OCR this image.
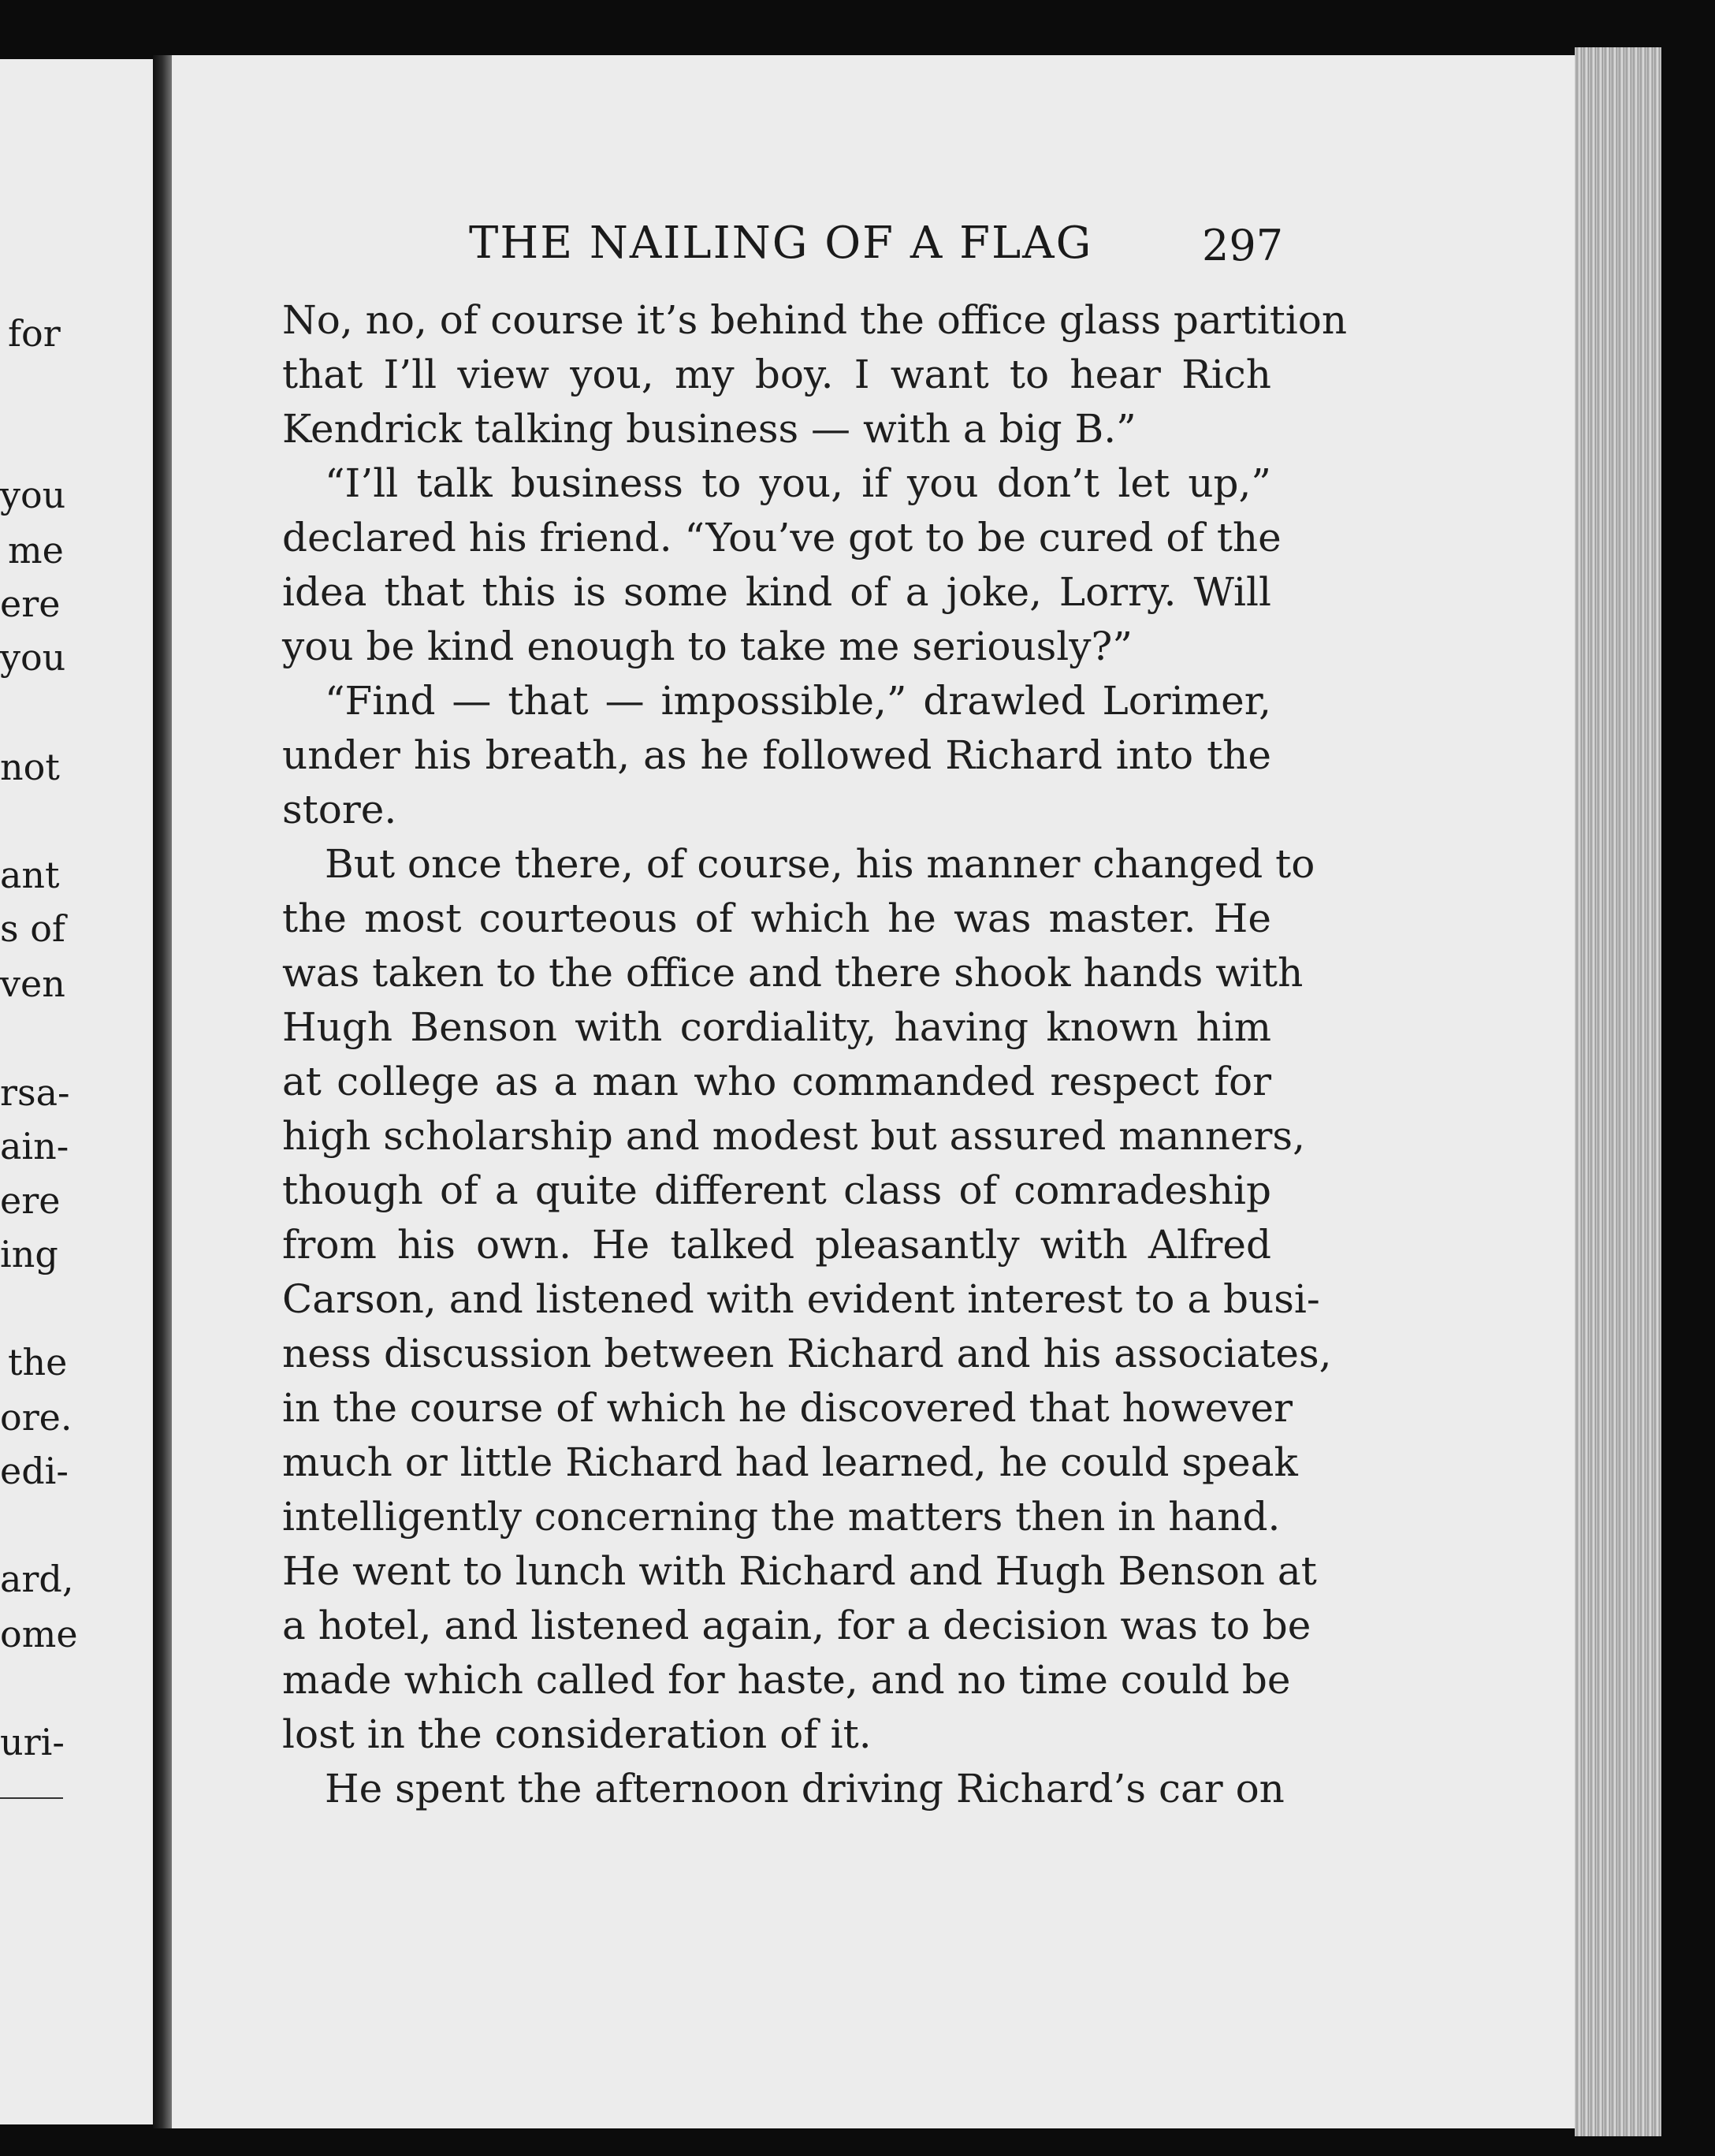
for
you
me
ere
you
not
ant
s of
ven
rsa-
ain-
ere
ing
the
ore.
edi-
ard,
ome
uri-
THE NAILING OF A FLAG	297
No, no, of course it’s behind the office glass partition
that I’ll view you, my boy. I want to hear Rich
Kendrick talking business — with a big B.”
“I’ll talk business to you, if you don’t let up,”
declared his friend. “You’ve got to be cured of the
idea that this is some kind of a joke, Lorry. Will
you be kind enough to take me seriously?”
“Find — that — impossible,” drawled Lorimer,
under his breath, as he followed Richard into the
store.
But once there, of course, his manner changed to
the most courteous of which he was master. He
was taken to the office and there shook hands with
Hugh Benson with cordiality, having known him
at college as a man who commanded respect for
high scholarship and modest but assured manners,
though of a quite different class of comradeship
from his own. He talked pleasantly with Alfred
Carson, and listened with evident interest to a busi-
ness discussion between Richard and his associates,
in the course of which he discovered that however
much or little Richard had learned, he could speak
intelligently concerning the matters then in hand.
He went to lunch with Richard and Hugh Benson at
a hotel, and listened again, for a decision was to be
made which called for haste, and no time could be
lost in the consideration of it.
He spent the afternoon driving Richard’s car on
